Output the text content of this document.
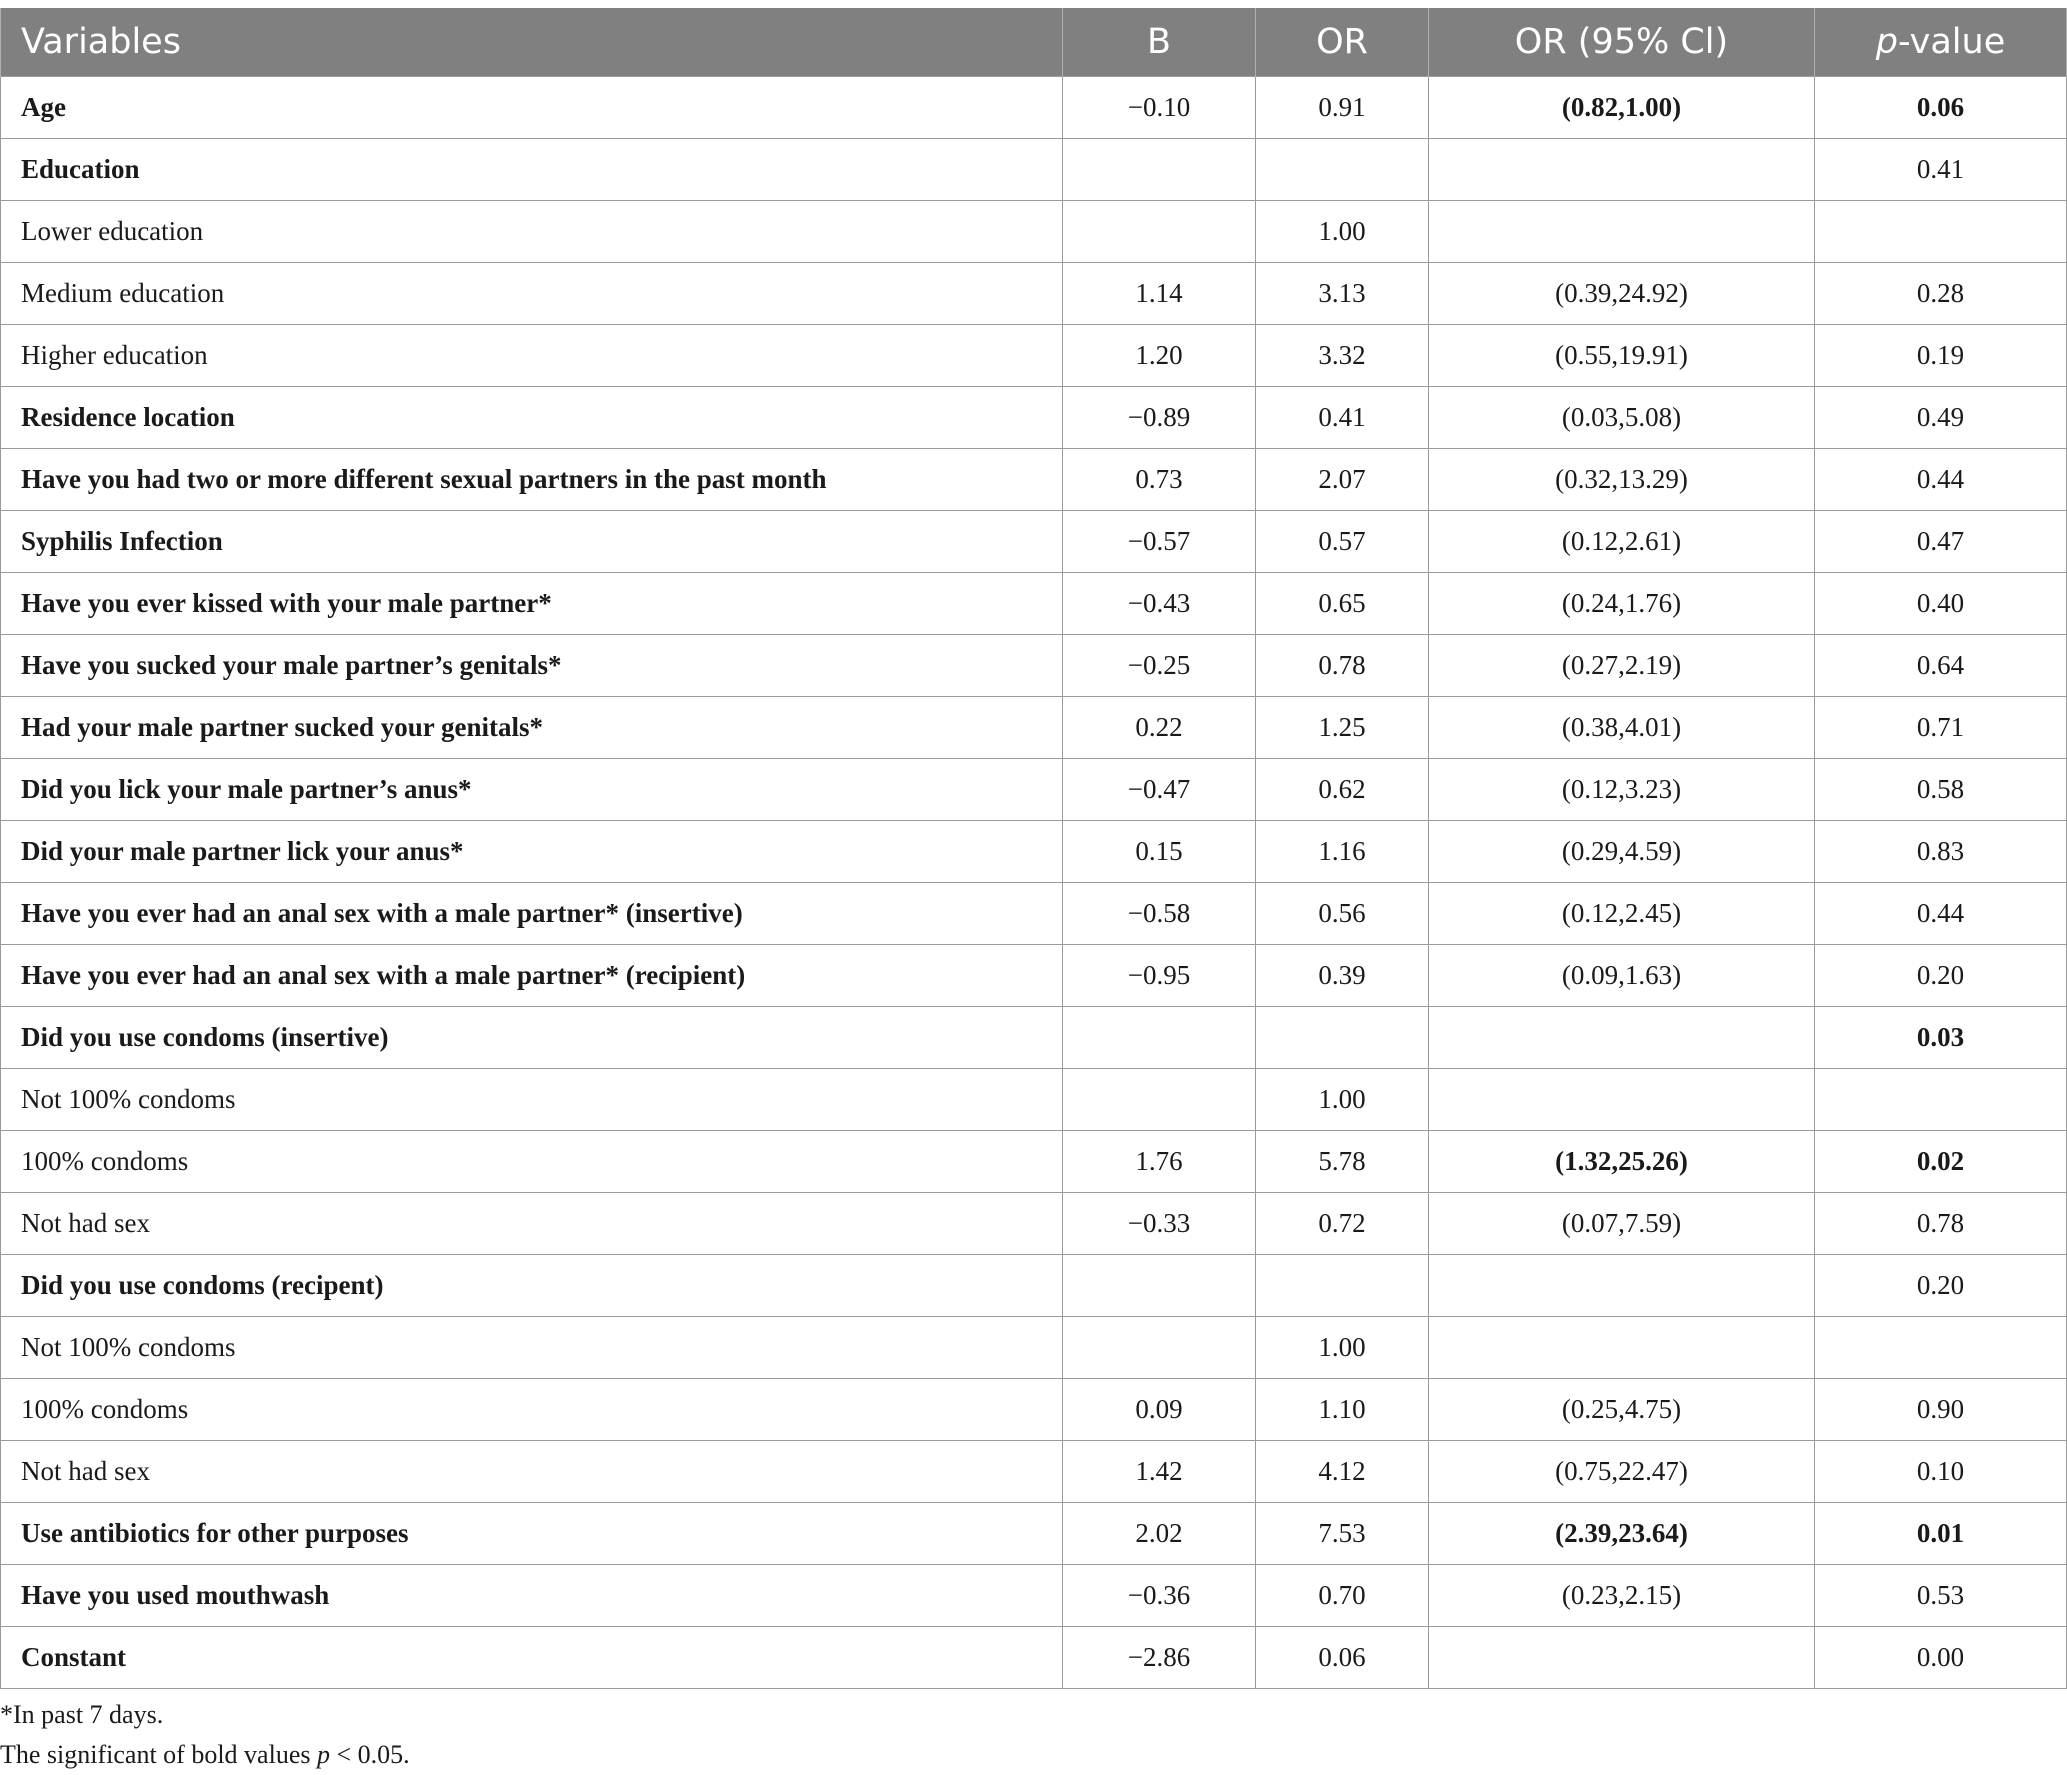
Variables	B	OR	OR (95% Cl)	p-value
Age	−0.10	0.91	(0.82,1.00)	0.06
Education				0.41
Lower education		1.00		
Medium education	1.14	3.13	(0.39,24.92)	0.28
Higher education	1.20	3.32	(0.55,19.91)	0.19
Residence location	−0.89	0.41	(0.03,5.08)	0.49
Have you had two or more different sexual partners in the past month	0.73	2.07	(0.32,13.29)	0.44
Syphilis Infection	−0.57	0.57	(0.12,2.61)	0.47
Have you ever kissed with your male partner*	−0.43	0.65	(0.24,1.76)	0.40
Have you sucked your male partner’s genitals*	−0.25	0.78	(0.27,2.19)	0.64
Had your male partner sucked your genitals*	0.22	1.25	(0.38,4.01)	0.71
Did you lick your male partner’s anus*	−0.47	0.62	(0.12,3.23)	0.58
Did your male partner lick your anus*	0.15	1.16	(0.29,4.59)	0.83
Have you ever had an anal sex with a male partner* (insertive)	−0.58	0.56	(0.12,2.45)	0.44
Have you ever had an anal sex with a male partner* (recipient)	−0.95	0.39	(0.09,1.63)	0.20
Did you use condoms (insertive)				0.03
Not 100% condoms		1.00		
100% condoms	1.76	5.78	(1.32,25.26)	0.02
Not had sex	−0.33	0.72	(0.07,7.59)	0.78
Did you use condoms (recipent)				0.20
Not 100% condoms		1.00		
100% condoms	0.09	1.10	(0.25,4.75)	0.90
Not had sex	1.42	4.12	(0.75,22.47)	0.10
Use antibiotics for other purposes	2.02	7.53	(2.39,23.64)	0.01
Have you used mouthwash	−0.36	0.70	(0.23,2.15)	0.53
Constant	−2.86	0.06		0.00
*In past 7 days.
The significant of bold values p < 0.05.
